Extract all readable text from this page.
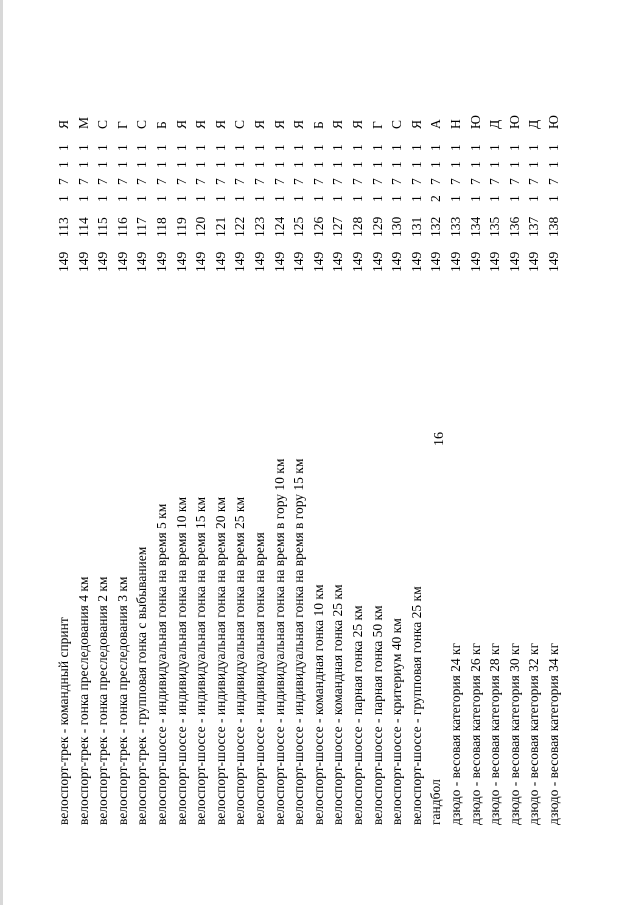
16
велоспорт-трек - командный спринт
149
113
1
7
1
1
Я
велоспорт-трек - гонка преследования 4 км
149
114
1
7
1
1
М
велоспорт-трек - гонка преследования 2 км
149
115
1
7
1
1
С
велоспорт-трек - гонка преследования 3 км
149
116
1
7
1
1
Г
велоспорт-трек - групповая гонка с выбыванием
149
117
1
7
1
1
С
велоспорт-шоссе - индивидуальная гонка на время 5 км
149
118
1
7
1
1
Б
велоспорт-шоссе - индивидуальная гонка на время 10 км
149
119
1
7
1
1
Я
велоспорт-шоссе - индивидуальная гонка на время 15 км
149
120
1
7
1
1
Я
велоспорт-шоссе - индивидуальная гонка на время 20 км
149
121
1
7
1
1
Я
велоспорт-шоссе - индивидуальная гонка на время 25 км
149
122
1
7
1
1
С
велоспорт-шоссе - индивидуальная гонка на время
149
123
1
7
1
1
Я
велоспорт-шоссе - индивидуальная гонка на время в гору 10 км
149
124
1
7
1
1
Я
велоспорт-шоссе - индивидуальная гонка на время в гору 15 км
149
125
1
7
1
1
Я
велоспорт-шоссе - командная гонка 10 км
149
126
1
7
1
1
Б
велоспорт-шоссе - командная гонка 25 км
149
127
1
7
1
1
Я
велоспорт-шоссе - парная гонка 25 км
149
128
1
7
1
1
Я
велоспорт-шоссе - парная гонка 50 км
149
129
1
7
1
1
Г
велоспорт-шоссе - критериум 40 км
149
130
1
7
1
1
С
велоспорт-шоссе - групповая гонка 25 км
149
131
1
7
1
1
Я
гандбол
149
132
2
7
1
1
А
дзюдо - весовая категория 24 кг
149
133
1
7
1
1
Н
дзюдо - весовая категория 26 кг
149
134
1
7
1
1
Ю
дзюдо - весовая категория 28 кг
149
135
1
7
1
1
Д
дзюдо - весовая категория 30 кг
149
136
1
7
1
1
Ю
дзюдо - весовая категория 32 кг
149
137
1
7
1
1
Д
дзюдо - весовая категория 34 кг
149
138
1
7
1
1
Ю
